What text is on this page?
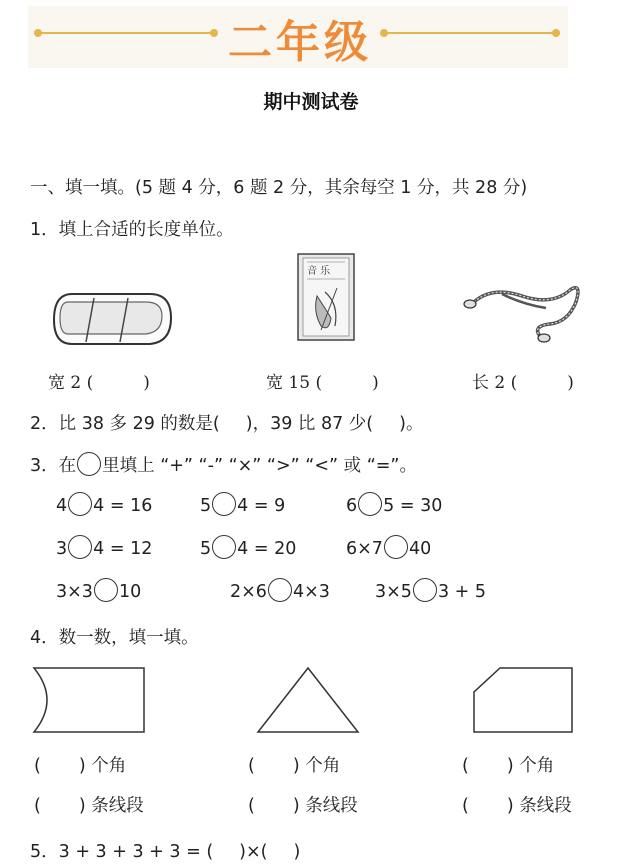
二年级
期中测试卷
一、填一填。(5 题 4 分，6 题 2 分，其余每空 1 分，共 28 分)
1．填上合适的长度单位。
音 乐
宽 2 (	)	宽 15 (	)	长 2 (	)
2．比 38 多 29 的数是( )，39 比 87 少( )。
3．在 里填上 “+” “-” “×” “>” “<” 或 “=”。
4 4 = 16	5 4 = 9	6 5 = 30
3 4 = 12	5 4 = 20	6×7 40
3×3 10	2×6 4×3	3×5 3 + 5
4．数一数，填一填。
( ) 个角	( ) 个角	( ) 个角
( ) 条线段	( ) 条线段	( ) 条线段
5．3 + 3 + 3 + 3 = ( )×( )
